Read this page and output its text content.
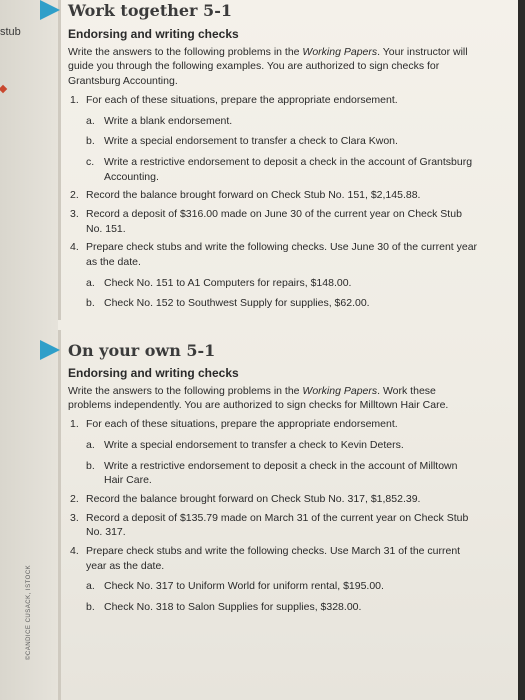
stub
©CANDICE CUSACK, ISTOCK
Work together 5-1
Endorsing and writing checks
Write the answers to the following problems in the Working Papers. Your instructor will guide you through the following examples. You are authorized to sign checks for Grantsburg Accounting.
1. For each of these situations, prepare the appropriate endorsement.
a. Write a blank endorsement.
b. Write a special endorsement to transfer a check to Clara Kwon.
c. Write a restrictive endorsement to deposit a check in the account of Grantsburg Accounting.
2. Record the balance brought forward on Check Stub No. 151, $2,145.88.
3. Record a deposit of $316.00 made on June 30 of the current year on Check Stub No. 151.
4. Prepare check stubs and write the following checks. Use June 30 of the current year as the date.
a. Check No. 151 to A1 Computers for repairs, $148.00.
b. Check No. 152 to Southwest Supply for supplies, $62.00.
On your own 5-1
Endorsing and writing checks
Write the answers to the following problems in the Working Papers. Work these problems independently. You are authorized to sign checks for Milltown Hair Care.
1. For each of these situations, prepare the appropriate endorsement.
a. Write a special endorsement to transfer a check to Kevin Deters.
b. Write a restrictive endorsement to deposit a check in the account of Milltown Hair Care.
2. Record the balance brought forward on Check Stub No. 317, $1,852.39.
3. Record a deposit of $135.79 made on March 31 of the current year on Check Stub No. 317.
4. Prepare check stubs and write the following checks. Use March 31 of the current year as the date.
a. Check No. 317 to Uniform World for uniform rental, $195.00.
b. Check No. 318 to Salon Supplies for supplies, $328.00.
